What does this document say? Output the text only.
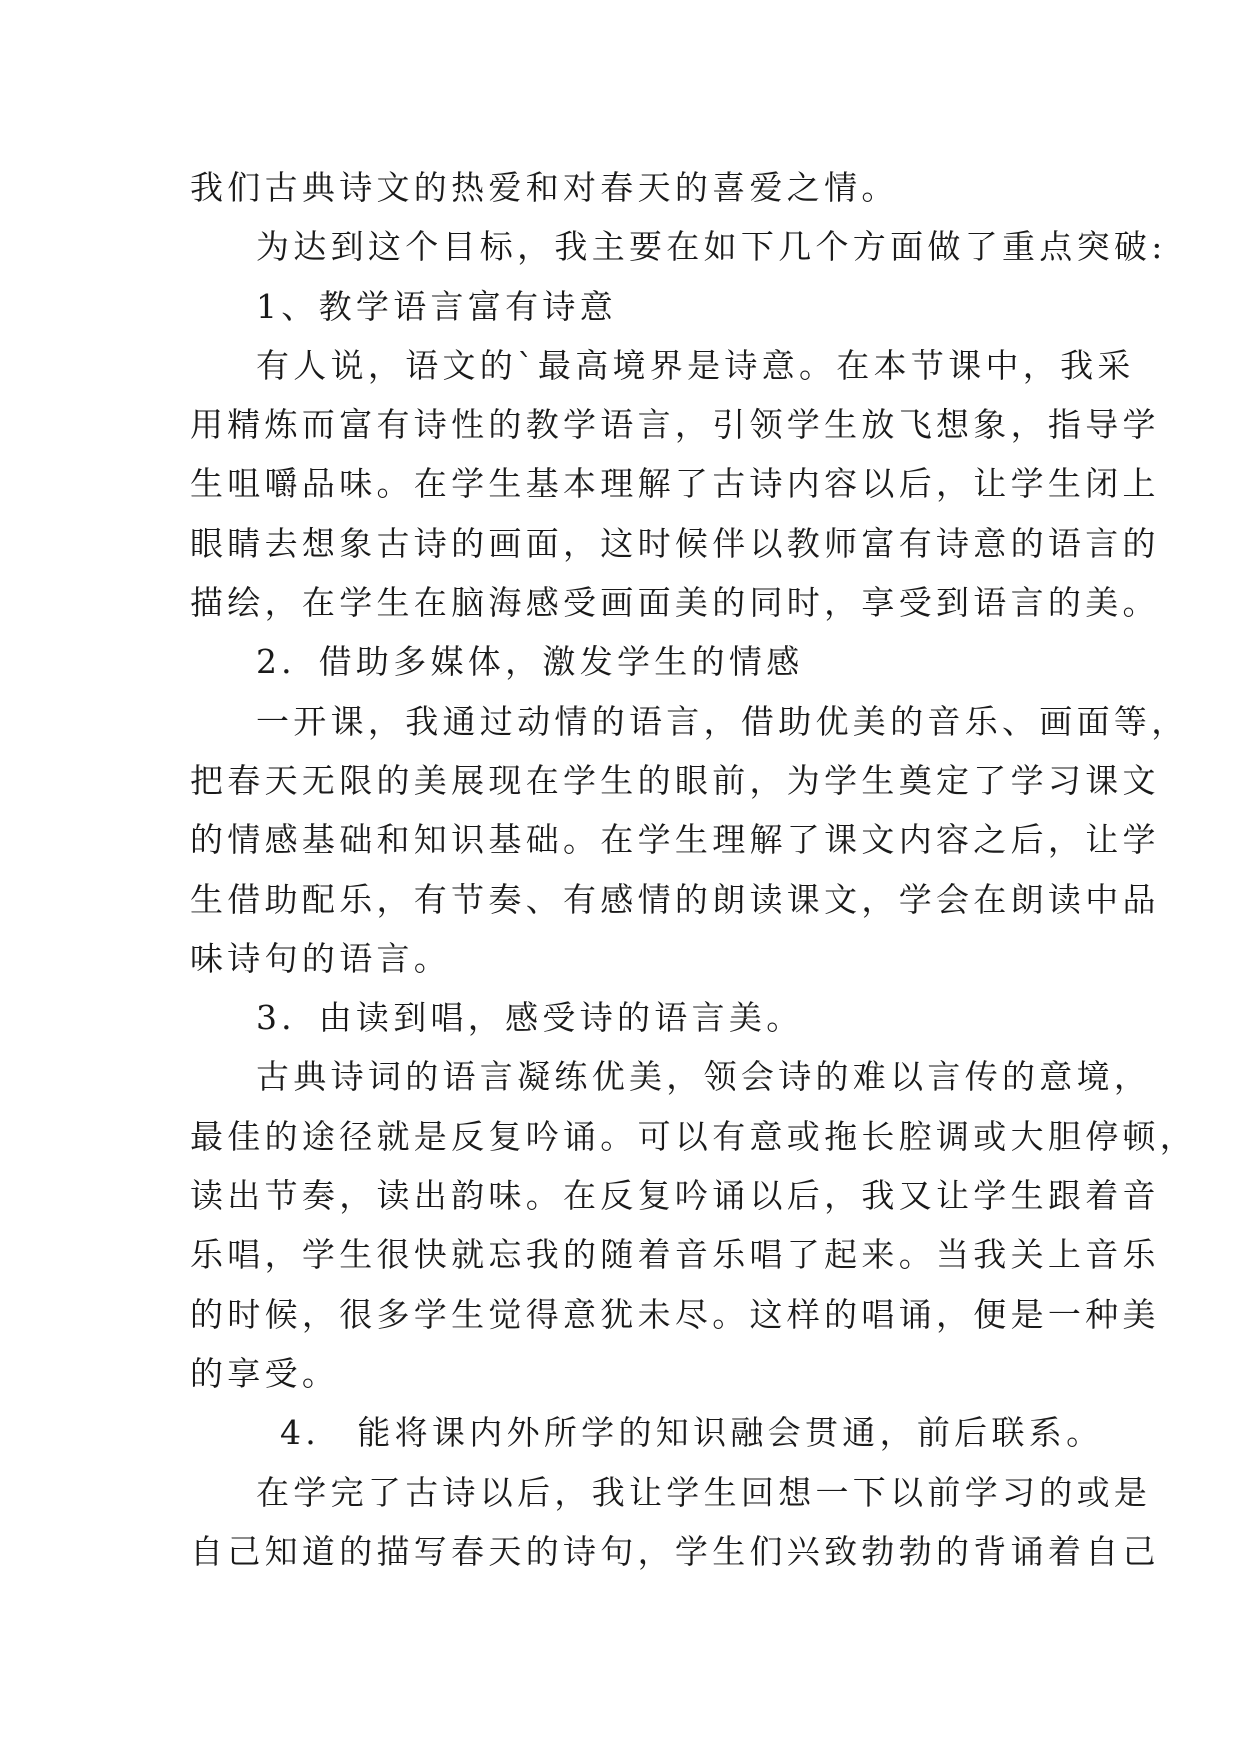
我们古典诗文的热爱和对春天的喜爱之情。
为达到这个目标，我主要在如下几个方面做了重点突破:
1、教学语言富有诗意
有人说，语文的`最高境界是诗意。在本节课中，我采
用精炼而富有诗性的教学语言，引领学生放飞想象，指导学
生咀嚼品味。在学生基本理解了古诗内容以后，让学生闭上
眼睛去想象古诗的画面，这时候伴以教师富有诗意的语言的
描绘，在学生在脑海感受画面美的同时，享受到语言的美。
2．借助多媒体，激发学生的情感
一开课，我通过动情的语言，借助优美的音乐、画面等，
把春天无限的美展现在学生的眼前，为学生奠定了学习课文
的情感基础和知识基础。在学生理解了课文内容之后，让学
生借助配乐，有节奏、有感情的朗读课文，学会在朗读中品
味诗句的语言。
3．由读到唱，感受诗的语言美。
古典诗词的语言凝练优美，领会诗的难以言传的意境，
最佳的途径就是反复吟诵。可以有意或拖长腔调或大胆停顿，
读出节奏，读出韵味。在反复吟诵以后，我又让学生跟着音
乐唱，学生很快就忘我的随着音乐唱了起来。当我关上音乐
的时候，很多学生觉得意犹未尽。这样的唱诵，便是一种美
的享受。
4.　能将课内外所学的知识融会贯通，前后联系。
在学完了古诗以后，我让学生回想一下以前学习的或是
自己知道的描写春天的诗句，学生们兴致勃勃的背诵着自己
